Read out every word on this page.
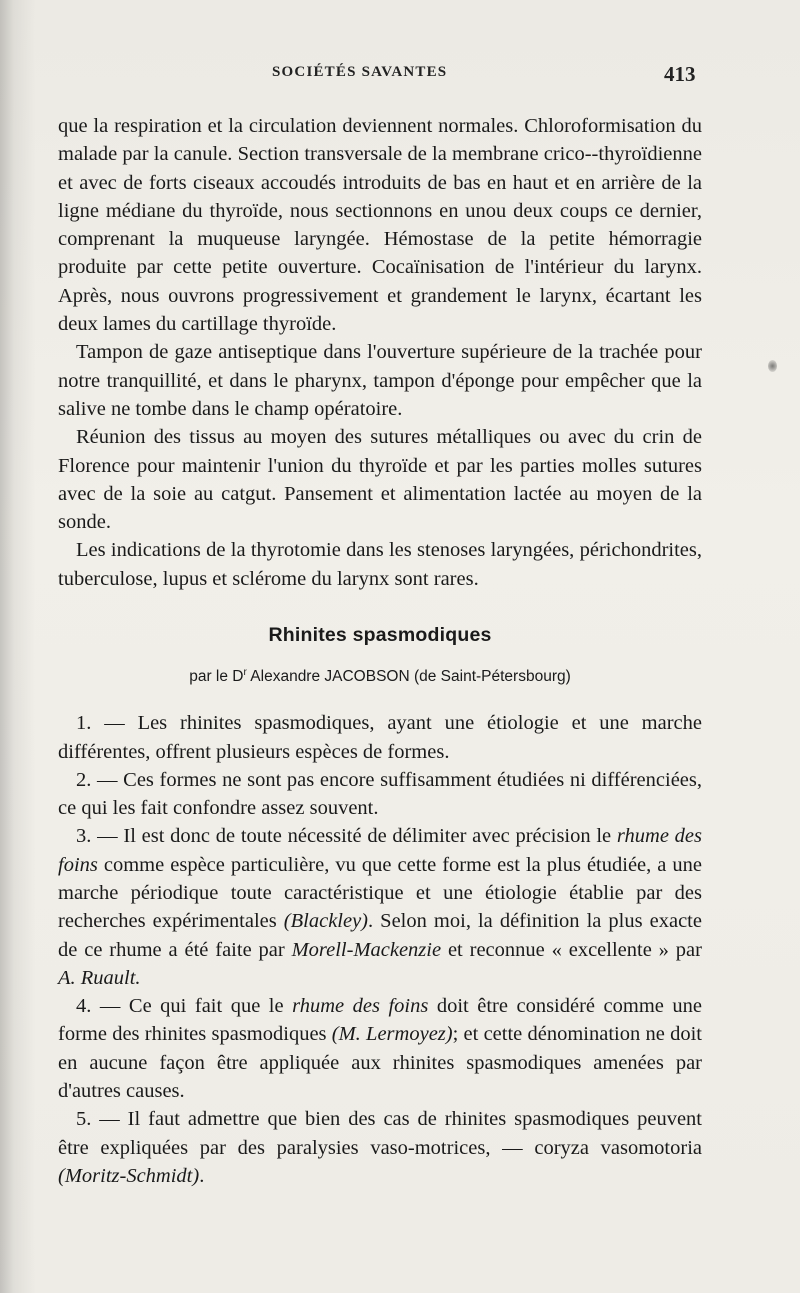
SOCIÉTÉS SAVANTES	413

que la respiration et la circulation deviennent normales. Chloroformisation du malade par la canule. Section transversale de la membrane crico--thyroïdienne et avec de forts ciseaux accoudés introduits de bas en haut et en arrière de la ligne médiane du thyroïde, nous sectionnons en unou deux coups ce dernier, comprenant la muqueuse laryngée. Hémostase de la petite hémorragie produite par cette petite ouverture. Cocaïnisation de l'intérieur du larynx. Après, nous ouvrons progressivement et grandement le larynx, écartant les deux lames du cartillage thyroïde.

Tampon de gaze antiseptique dans l'ouverture supérieure de la trachée pour notre tranquillité, et dans le pharynx, tampon d'éponge pour empêcher que la salive ne tombe dans le champ opératoire.

Réunion des tissus au moyen des sutures métalliques ou avec du crin de Florence pour maintenir l'union du thyroïde et par les parties molles sutures avec de la soie au catgut. Pansement et alimentation lactée au moyen de la sonde.

Les indications de la thyrotomie dans les stenoses laryngées, périchondrites, tuberculose, lupus et sclérome du larynx sont rares.

Rhinites spasmodiques

par le $D^r$ Alexandre JACOBSON (de Saint-Pétersbourg)

1. — Les rhinites spasmodiques, ayant une étiologie et une marche différentes, offrent plusieurs espèces de formes.

2. — Ces formes ne sont pas encore suffisamment étudiées ni différenciées, ce qui les fait confondre assez souvent.

3. — Il est donc de toute nécessité de délimiter avec précision le rhume des foins comme espèce particulière, vu que cette forme est la plus étudiée, a une marche périodique toute caractéristique et une étiologie établie par des recherches expérimentales (Blackley). Selon moi, la définition la plus exacte de ce rhume a été faite par Morell-Mackenzie et reconnue « excellente » par A. Ruault.

4. — Ce qui fait que le rhume des foins doit être considéré comme une forme des rhinites spasmodiques (M. Lermoyez); et cette dénomination ne doit en aucune façon être appliquée aux rhinites spasmodiques amenées par d'autres causes.

5. — Il faut admettre que bien des cas de rhinites spasmodiques peuvent être expliquées par des paralysies vaso-motrices, — coryza vasomotoria (Moritz-Schmidt).
